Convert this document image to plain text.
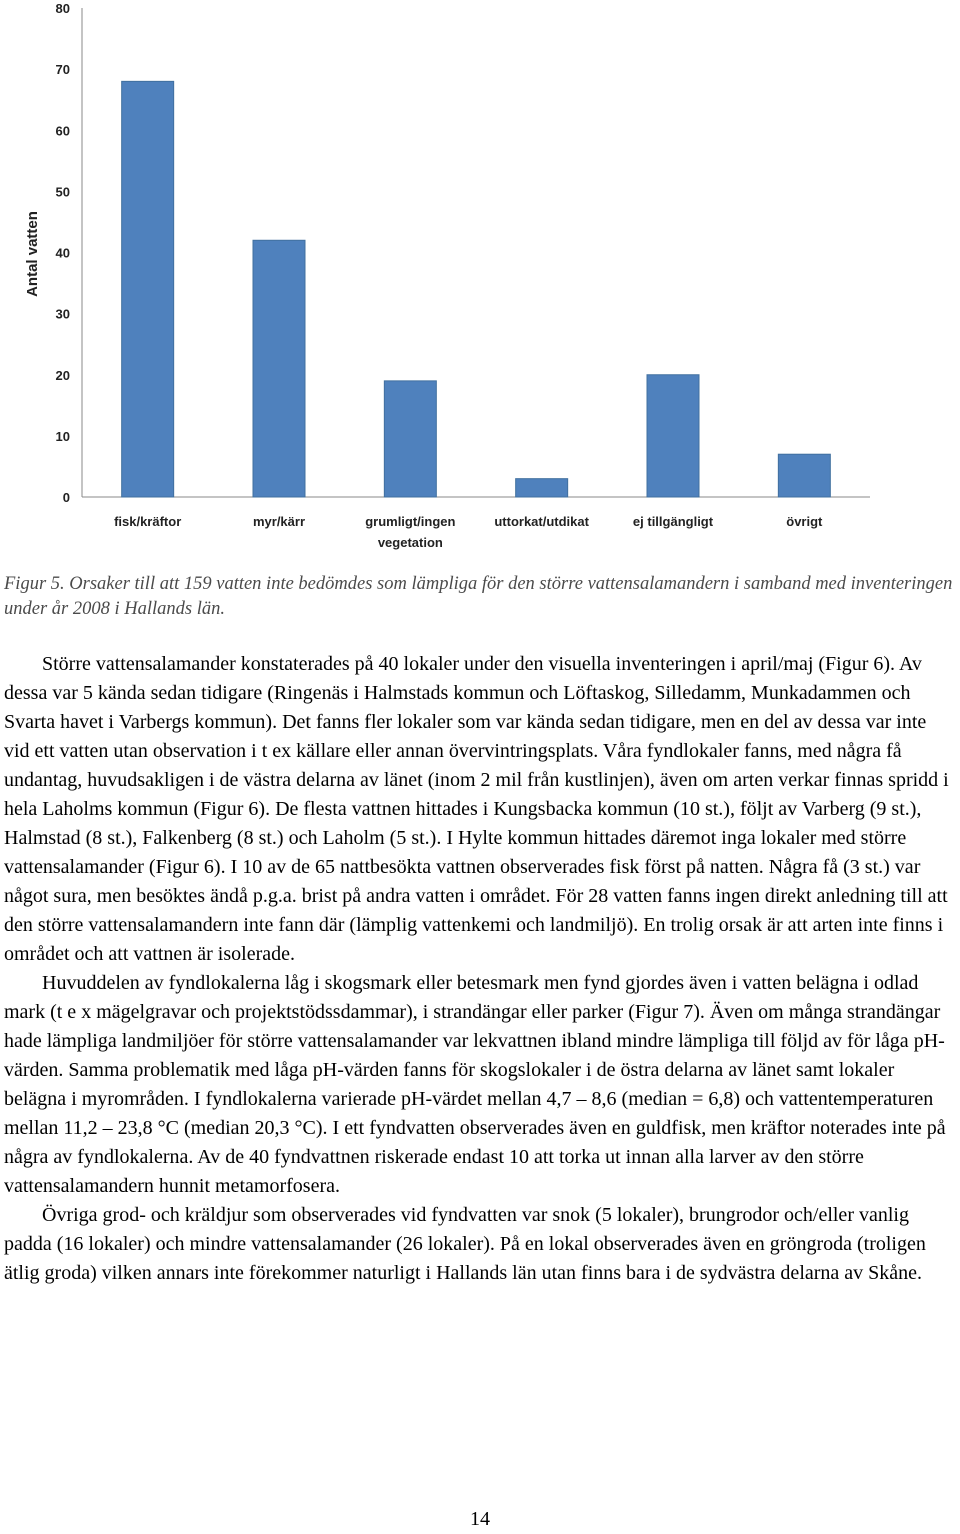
0
10
20
30
40
50
60
70
80
fisk/kräftor	myr/kärr	grumligt/ingen
vegetation
uttorkat/utdikat	ej tillgängligt	övrigt
Antal vatten

Figur 5. Orsaker till att 159 vatten inte bedömdes som lämpliga för den större vattensalamandern i samband med inventeringen under år 2008 i Hallands län.

Större vattensalamander konstaterades på 40 lokaler under den visuella inventeringen i april/maj (Figur 6). Av dessa var 5 kända sedan tidigare (Ringenäs i Halmstads kommun och Löftaskog, Silledamm, Munkadammen och Svarta havet i Varbergs kommun). Det fanns fler lokaler som var kända sedan tidigare, men en del av dessa var inte vid ett vatten utan observation i t ex källare eller annan övervintringsplats. Våra fyndlokaler fanns, med några få undantag, huvudsakligen i de västra delarna av länet (inom 2 mil från kustlinjen), även om arten verkar finnas spridd i hela Laholms kommun (Figur 6). De flesta vattnen hittades i Kungsbacka kommun (10 st.), följt av Varberg (9 st.), Halmstad (8 st.), Falkenberg (8 st.) och Laholm (5 st.). I Hylte kommun hittades däremot inga lokaler med större vattensalamander (Figur 6). I 10 av de 65 nattbesökta vattnen observerades fisk först på natten. Några få (3 st.) var något sura, men besöktes ändå p.g.a. brist på andra vatten i området. För 28 vatten fanns ingen direkt anledning till att den större vattensalamandern inte fann där (lämplig vattenkemi och landmiljö). En trolig orsak är att arten inte finns i området och att vattnen är isolerade.

Huvuddelen av fyndlokalerna låg i skogsmark eller betesmark men fynd gjordes även i vatten belägna i odlad mark (t e x mägelgravar och projektstödssdammar), i strandängar eller parker (Figur 7). Även om många strandängar hade lämpliga landmiljöer för större vattensalamander var lekvattnen ibland mindre lämpliga till följd av för låga pH-värden. Samma problematik med låga pH-värden fanns för skogslokaler i de östra delarna av länet samt lokaler belägna i myrområden. I fyndlokalerna varierade pH-värdet mellan 4,7 – 8,6 (median = 6,8) och vattentemperaturen mellan 11,2 – 23,8 °C (median 20,3 °C). I ett fyndvatten observerades även en guldfisk, men kräftor noterades inte på några av fyndlokalerna. Av de 40 fyndvattnen riskerade endast 10 att torka ut innan alla larver av den större vattensalamandern hunnit metamorfosera.

Övriga grod- och kräldjur som observerades vid fyndvatten var snok (5 lokaler), brungrodor och/eller vanlig padda (16 lokaler) och mindre vattensalamander (26 lokaler). På en lokal observerades även en gröngroda (troligen ätlig groda) vilken annars inte förekommer naturligt i Hallands län utan finns bara i de sydvästra delarna av Skåne.

14
